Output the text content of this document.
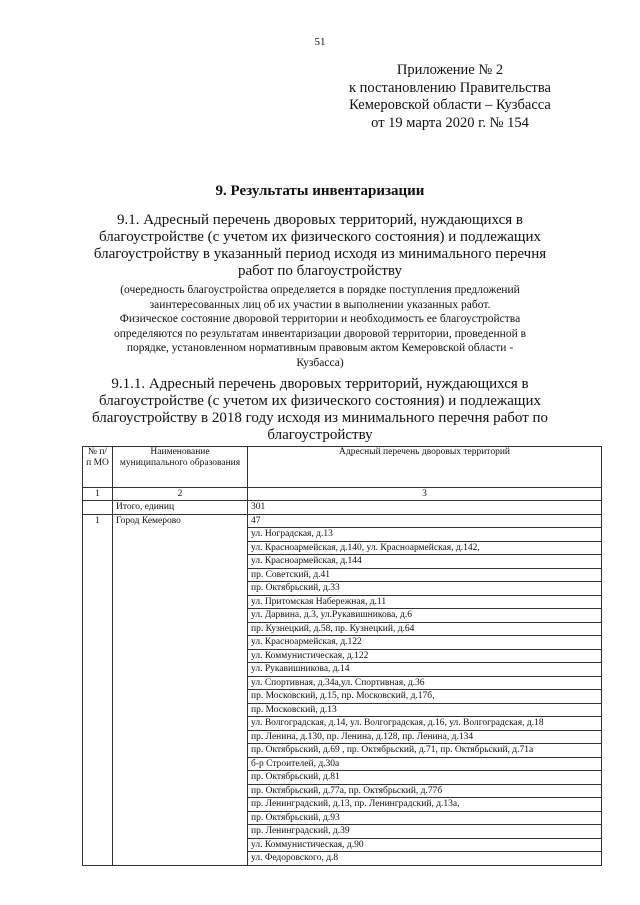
51
Приложение № 2
к постановлению Правительства
Кемеровской области – Кузбасса
от 19 марта 2020 г. № 154
9. Результаты инвентаризации
9.1. Адресный перечень дворовых территорий, нуждающихся в
благоустройстве (с учетом их физического состояния) и подлежащих
благоустройству в указанный период исходя из минимального перечня
работ по благоустройству
(очередность благоустройства определяется в порядке поступления предложений
заинтересованных лиц об их участии в выполнении указанных работ.
Физическое состояние дворовой территории и необходимость ее благоустройства
определяются по результатам инвентаризации дворовой территории, проведенной в
порядке, установленном нормативным правовым актом Кемеровской области -
Кузбасса)
9.1.1. Адресный перечень дворовых территорий, нуждающихся в
благоустройстве (с учетом их физического состояния) и подлежащих
благоустройству в 2018 году исходя из минимального перечня работ по
благоустройству
№ п/п МО	Наименование муниципального образования	Адресный перечень дворовых территорий
1	2	3
	Итого, единиц	301
1	Город Кемерово	47
		ул. Ноградская, д.13
		ул. Красноармейская, д.140, ул. Красноармейская, д.142,
		ул. Красноармейская, д.144
		пр. Советский, д.41
		пр. Октябрьский, д.33
		ул. Притомская Набережная, д.11
		ул. Дарвина, д.3, ул.Рукавишникова, д.6
		пр. Кузнецкий, д.58, пр. Кузнецкий, д.64
		ул. Красноармейская, д.122
		ул. Коммунистическая, д.122
		ул. Рукавишникова, д.14
		ул. Спортивная, д.34а,ул. Спортивная, д.36
		пр. Московский, д.15, пр. Московский, д.17б,
		пр. Московский, д.13
		ул. Волгоградская, д.14, ул. Волгоградская, д.16, ул. Волгоградская, д.18
		пр. Ленина, д.130, пр. Ленина, д.128, пр. Ленина, д.134
		пр. Октябрьский, д.69 , пр. Октябрьский, д.71, пр. Октябрьский, д.71а
		б-р Строителей, д.30а
		пр. Октябрьский, д.81
		пр. Октябрьский, д.77а, пр. Октябрьский, д.77б
		пр. Ленинградский, д.13, пр. Ленинградский, д.13а,
		пр. Октябрьский, д.93
		пр. Ленинградский, д.39
		ул. Коммунистическая, д.90
		ул. Федоровского, д.8
